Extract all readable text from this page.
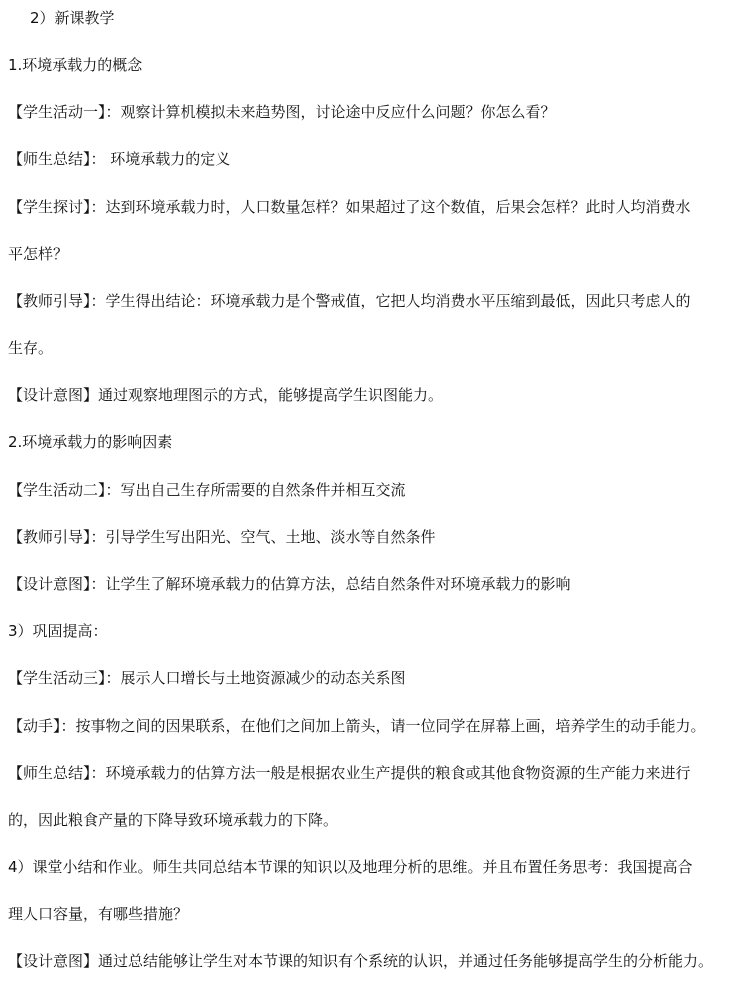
2）新课教学
1.环境承载力的概念
【学生活动一】：观察计算机模拟未来趋势图，讨论途中反应什么问题？你怎么看？
【师生总结】： 环境承载力的定义
【学生探讨】：达到环境承载力时，人口数量怎样？如果超过了这个数值，后果会怎样？此时人均消费水
平怎样？
【教师引导】：学生得出结论：环境承载力是个警戒值，它把人均消费水平压缩到最低，因此只考虑人的
生存。
【设计意图】通过观察地理图示的方式，能够提高学生识图能力。
2.环境承载力的影响因素
【学生活动二】：写出自己生存所需要的自然条件并相互交流
【教师引导】：引导学生写出阳光、空气、土地、淡水等自然条件
【设计意图】：让学生了解环境承载力的估算方法，总结自然条件对环境承载力的影响
3）巩固提高：
【学生活动三】：展示人口增长与土地资源减少的动态关系图
【动手】：按事物之间的因果联系，在他们之间加上箭头，请一位同学在屏幕上画，培养学生的动手能力。
【师生总结】：环境承载力的估算方法一般是根据农业生产提供的粮食或其他食物资源的生产能力来进行
的，因此粮食产量的下降导致环境承载力的下降。
4）课堂小结和作业。师生共同总结本节课的知识以及地理分析的思维。并且布置任务思考：我国提高合
理人口容量，有哪些措施？
【设计意图】通过总结能够让学生对本节课的知识有个系统的认识，并通过任务能够提高学生的分析能力。
